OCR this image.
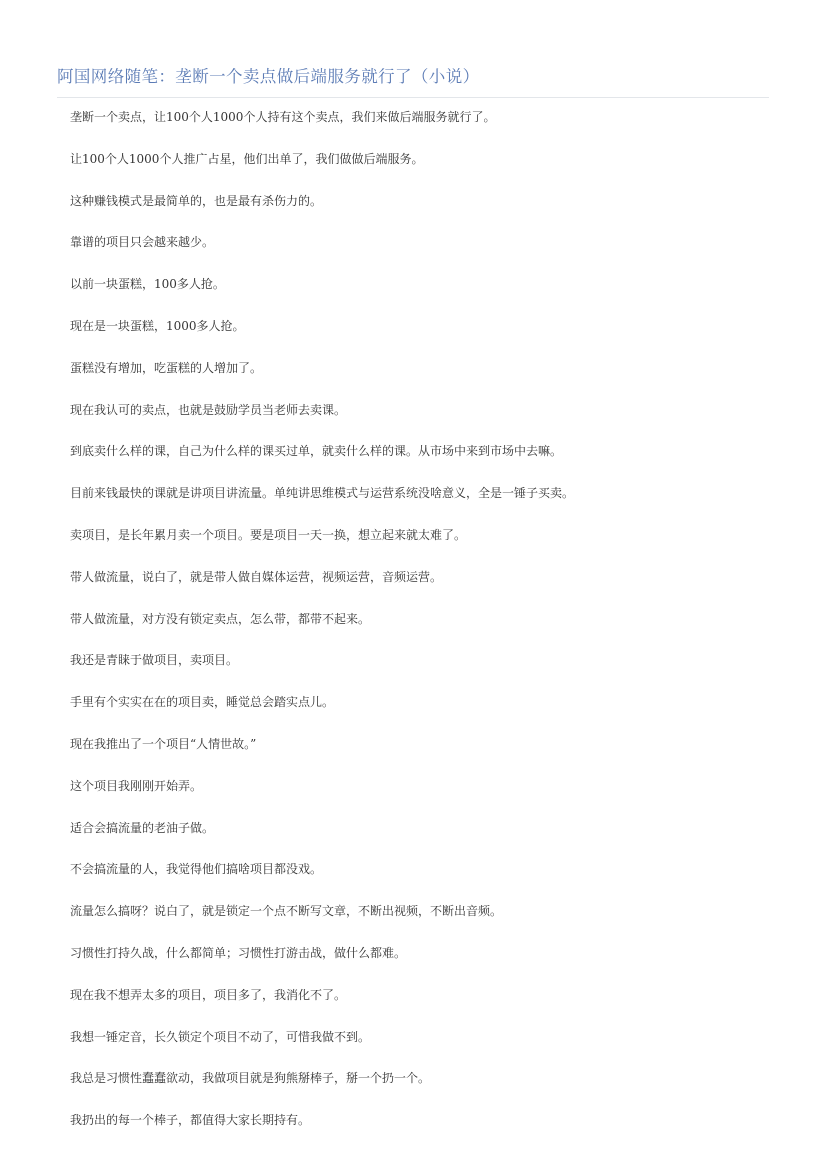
阿国网络随笔：垄断一个卖点做后端服务就行了（小说）
垄断一个卖点，让100个人1000个人持有这个卖点，我们来做后端服务就行了。
让100个人1000个人推广占星，他们出单了，我们做做后端服务。
这种赚钱模式是最简单的，也是最有杀伤力的。
靠谱的项目只会越来越少。
以前一块蛋糕，100多人抢。
现在是一块蛋糕，1000多人抢。
蛋糕没有增加，吃蛋糕的人增加了。
现在我认可的卖点，也就是鼓励学员当老师去卖课。
到底卖什么样的课，自己为什么样的课买过单，就卖什么样的课。从市场中来到市场中去嘛。
目前来钱最快的课就是讲项目讲流量。单纯讲思维模式与运营系统没啥意义，全是一锤子买卖。
卖项目，是长年累月卖一个项目。要是项目一天一换，想立起来就太难了。
带人做流量，说白了，就是带人做自媒体运营，视频运营，音频运营。
带人做流量，对方没有锁定卖点，怎么带，都带不起来。
我还是青睐于做项目，卖项目。
手里有个实实在在的项目卖，睡觉总会踏实点儿。
现在我推出了一个项目“人情世故。”
这个项目我刚刚开始弄。
适合会搞流量的老油子做。
不会搞流量的人，我觉得他们搞啥项目都没戏。
流量怎么搞呀？说白了，就是锁定一个点不断写文章，不断出视频，不断出音频。
习惯性打持久战，什么都简单；习惯性打游击战，做什么都难。
现在我不想弄太多的项目，项目多了，我消化不了。
我想一锤定音，长久锁定个项目不动了，可惜我做不到。
我总是习惯性蠢蠢欲动，我做项目就是狗熊掰棒子，掰一个扔一个。
我扔出的每一个棒子，都值得大家长期持有。
